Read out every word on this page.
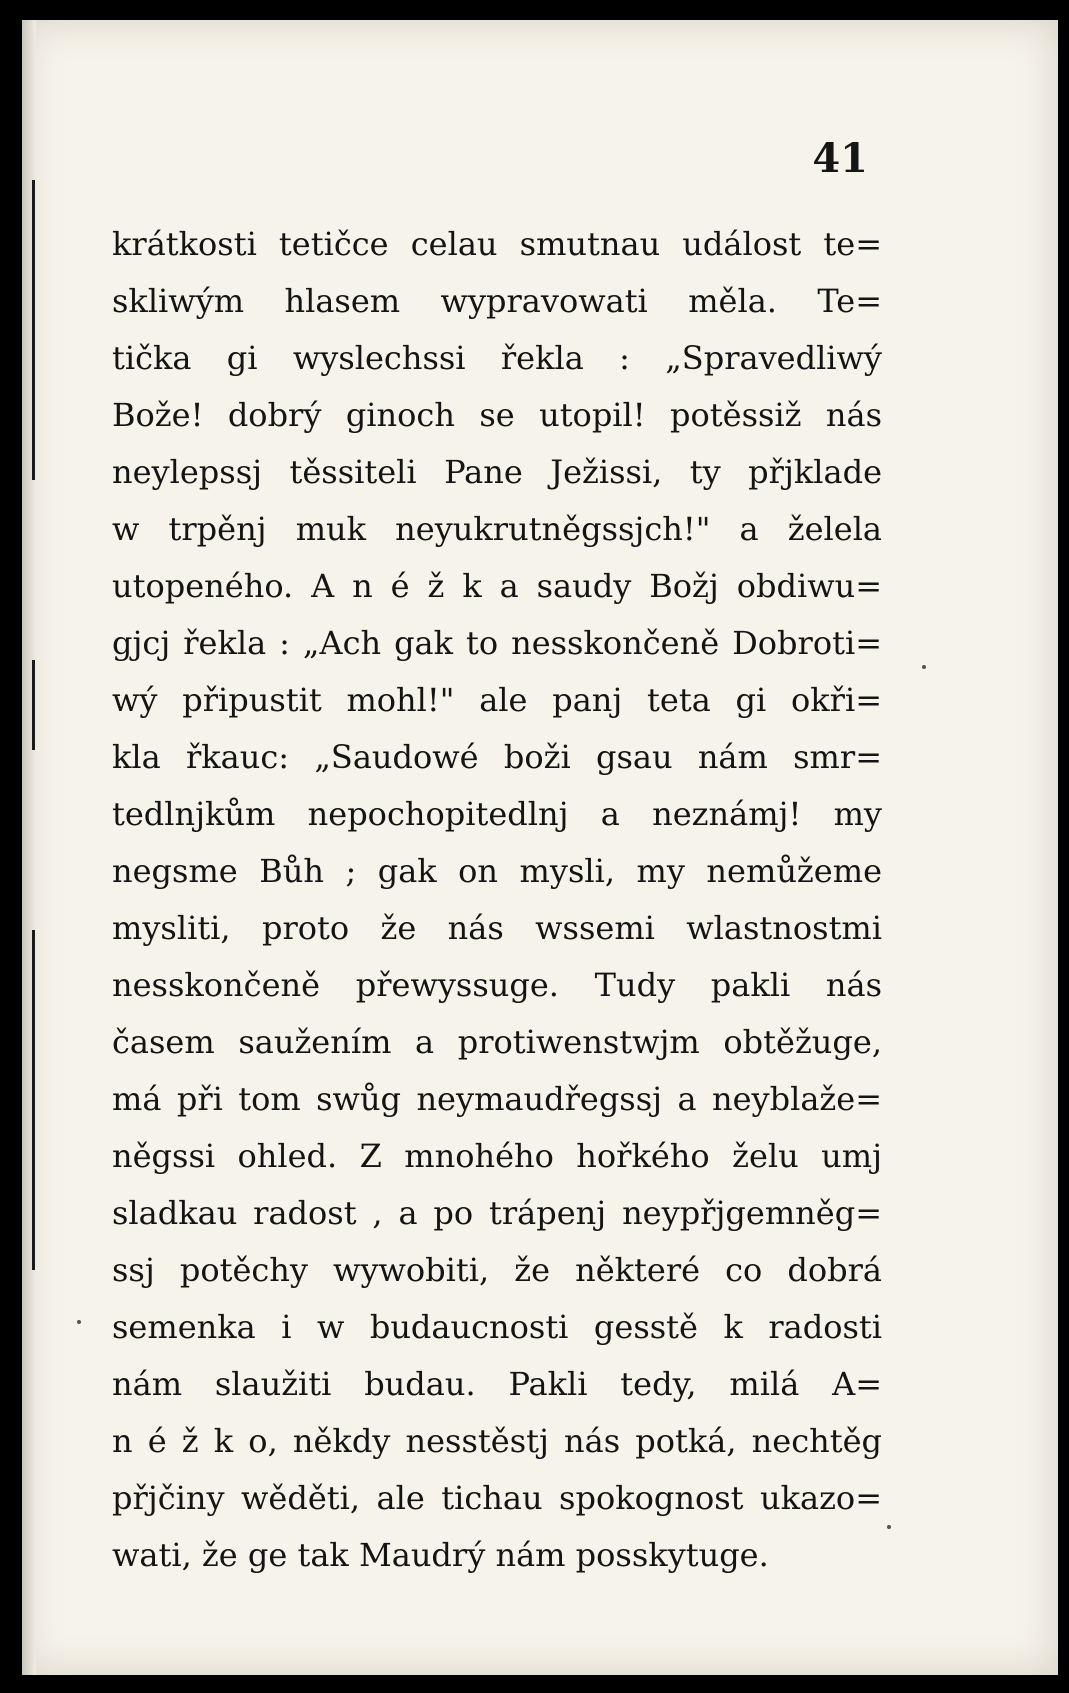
41
krátkosti tetičce celau smutnau událost te=
skliwým hlasem wypravowati měla. Te=
tička gi wyslechssi řekla : „Spravedliwý
Bože! dobrý ginoch se utopil! potěssiž nás
neylepssj těssiteli Pane Ježissi, ty přjklade
w trpěnj muk neyukrutněgssjch!" a želela
utopeného. A n é ž k a saudy Božj obdiwu=
gjcj řekla : „Ach gak to nesskončeně Dobroti=
wý připustit mohl!" ale panj teta gi okři=
kla řkauc: „Saudowé boži gsau nám smr=
tedlnjkům nepochopitedlnj a neznámj! my
negsme Bůh ; gak on mysli, my nemůžeme
mysliti, proto že nás wssemi wlastnostmi
nesskončeně přewyssuge. Tudy pakli nás
časem saužením a protiwenstwjm obtěžuge,
má při tom swůg neymaudřegssj a neyblaže=
něgssi ohled. Z mnohého hořkého želu umj
sladkau radost , a po trápenj neypřjgemněg=
ssj potěchy wywobiti, že některé co dobrá
semenka i w budaucnosti gesstě k radosti
nám slaužiti budau. Pakli tedy, milá A=
n é ž k o, někdy nesstěstj nás potká, nechtěg
přjčiny wěděti, ale tichau spokognost ukazo=
wati, že ge tak Maudrý nám posskytuge.
